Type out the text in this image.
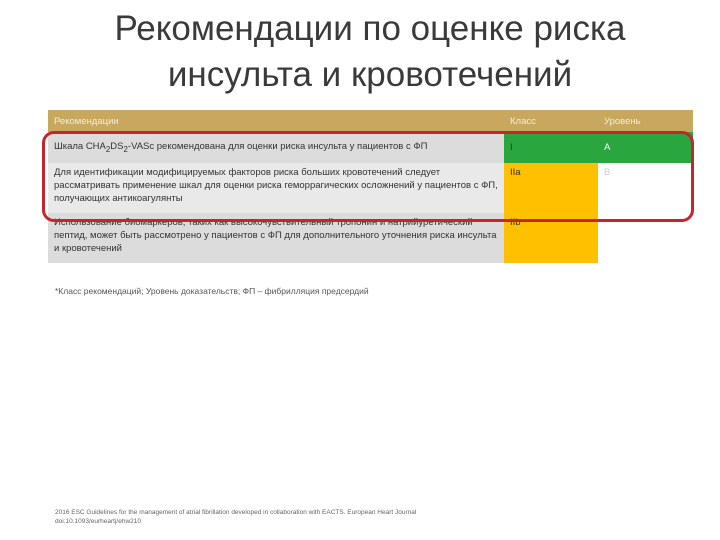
Рекомендации по оценке риска
инсульта и кровотечений
Рекомендации	Класс	Уровень
Шкала $CHA_2DS_2$-VASc рекомендована для оценки риска инсульта у пациентов с ФП	I	A
Для идентификации модифицируемых факторов риска больших кровотечений следует рассматривать применение шкал для оценки риска геморрагических осложнений у пациентов с ФП, получающих антикоагулянты	IIa	B
Использование биомаркеров, таких как высокочувствительный тропонин и натрийуретический пептид, может быть рассмотрено у пациентов с ФП для дополнительного уточнения риска инсульта и кровотечений	IIb	
*Класс рекомендаций; Уровень доказательств; ФП – фибрилляция предсердий
2016 ESC Guidelines for the management of atrial fibrillation developed in collaboration with EACTS. European Heart Journal doi:10.1093/eurheartj/ehw210
